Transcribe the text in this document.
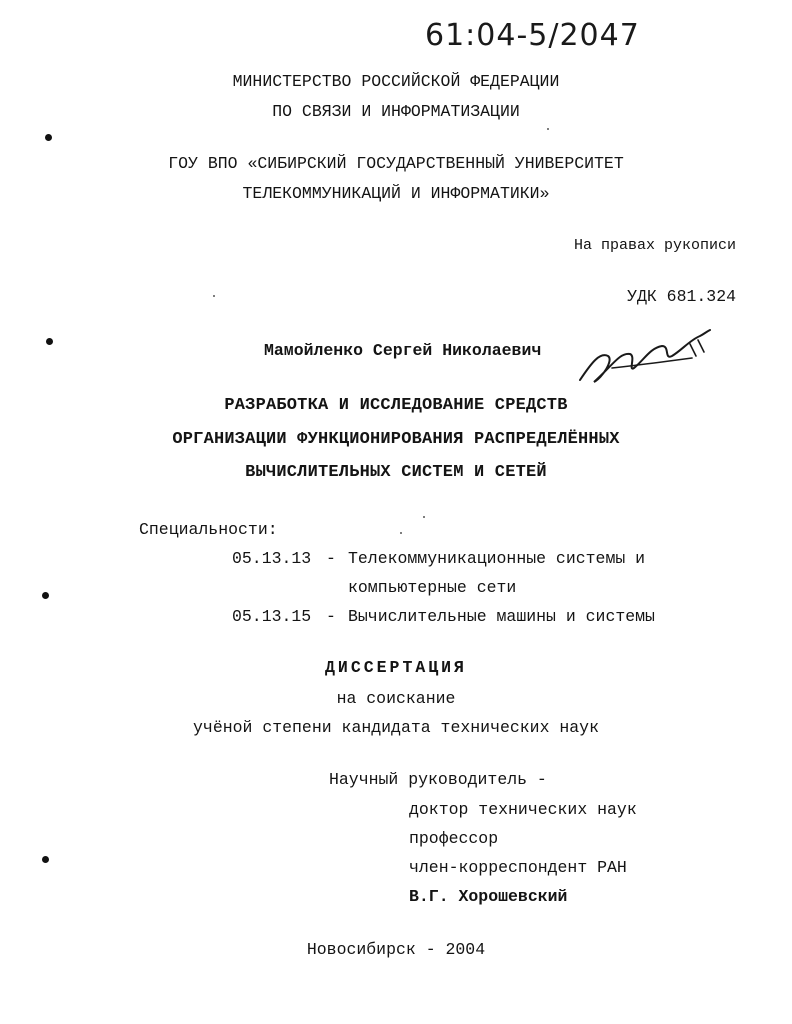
61:04-5/2047
МИНИСТЕРСТВО РОССИЙСКОЙ ФЕДЕРАЦИИ
ПО СВЯЗИ И ИНФОРМАТИЗАЦИИ
ГОУ ВПО «СИБИРСКИЙ ГОСУДАРСТВЕННЫЙ УНИВЕРСИТЕТ
ТЕЛЕКОММУНИКАЦИЙ И ИНФОРМАТИКИ»
На правах рукописи
УДК 681.324
Мамойленко Сергей Николаевич
РАЗРАБОТКА И ИССЛЕДОВАНИЕ СРЕДСТВ
ОРГАНИЗАЦИИ ФУНКЦИОНИРОВАНИЯ РАСПРЕДЕЛЁННЫХ
ВЫЧИСЛИТЕЛЬНЫХ СИСТЕМ И СЕТЕЙ
Специальности:
05.13.13 - Телекоммуникационные системы и
компьютерные сети
05.13.15 - Вычислительные машины и системы
ДИССЕРТАЦИЯ
на соискание
учёной степени кандидата технических наук
Научный руководитель -
доктор технических наук
профессор
член-корреспондент РАН
В.Г. Хорошевский
Новосибирск - 2004
